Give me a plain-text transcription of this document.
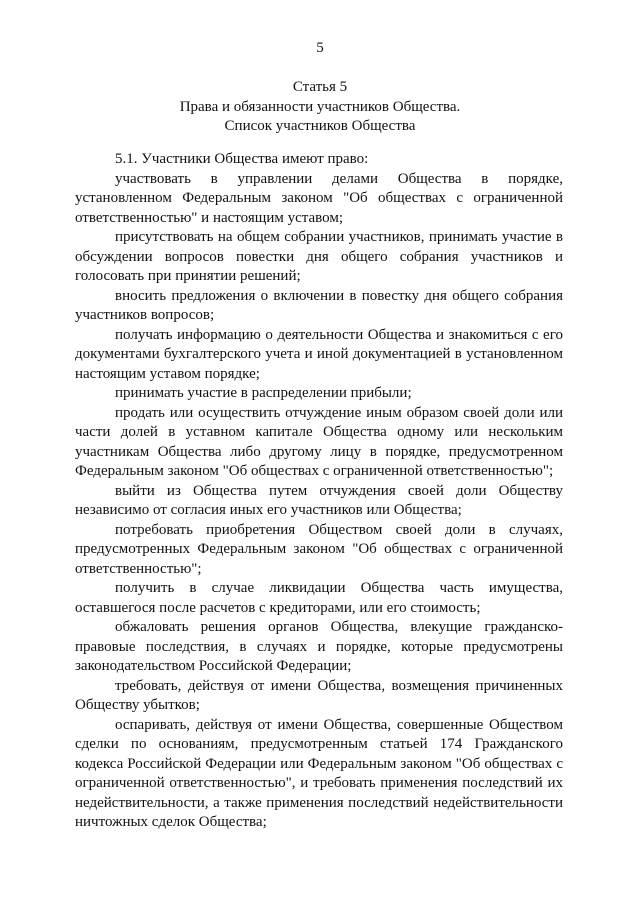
5
Статья 5
Права и обязанности участников Общества.
Список участников Общества
5.1. Участники Общества имеют право:

участвовать в управлении делами Общества в порядке, установленном Федеральным законом "Об обществах с ограниченной ответственностью" и настоящим уставом;

присутствовать на общем собрании участников, принимать участие в обсуждении вопросов повестки дня общего собрания участников и голосовать при принятии решений;

вносить предложения о включении в повестку дня общего собрания участников вопросов;

получать информацию о деятельности Общества и знакомиться с его документами бухгалтерского учета и иной документацией в установленном настоящим уставом порядке;

принимать участие в распределении прибыли;

продать или осуществить отчуждение иным образом своей доли или части долей в уставном капитале Общества одному или нескольким участникам Общества либо другому лицу в порядке, предусмотренном Федеральным законом "Об обществах с ограниченной ответственностью";

выйти из Общества путем отчуждения своей доли Обществу независимо от согласия иных его участников или Общества;

потребовать приобретения Обществом своей доли в случаях, предусмотренных Федеральным законом "Об обществах с ограниченной ответственностью";

получить в случае ликвидации Общества часть имущества, оставшегося после расчетов с кредиторами, или его стоимость;

обжаловать решения органов Общества, влекущие гражданско-правовые последствия, в случаях и порядке, которые предусмотрены законодательством Российской Федерации;

требовать, действуя от имени Общества, возмещения причиненных Обществу убытков;

оспаривать, действуя от имени Общества, совершенные Обществом сделки по основаниям, предусмотренным статьей 174 Гражданского кодекса Российской Федерации или Федеральным законом "Об обществах с ограниченной ответственностью", и требовать применения последствий их недействительности, а также применения последствий недействительности ничтожных сделок Общества;
